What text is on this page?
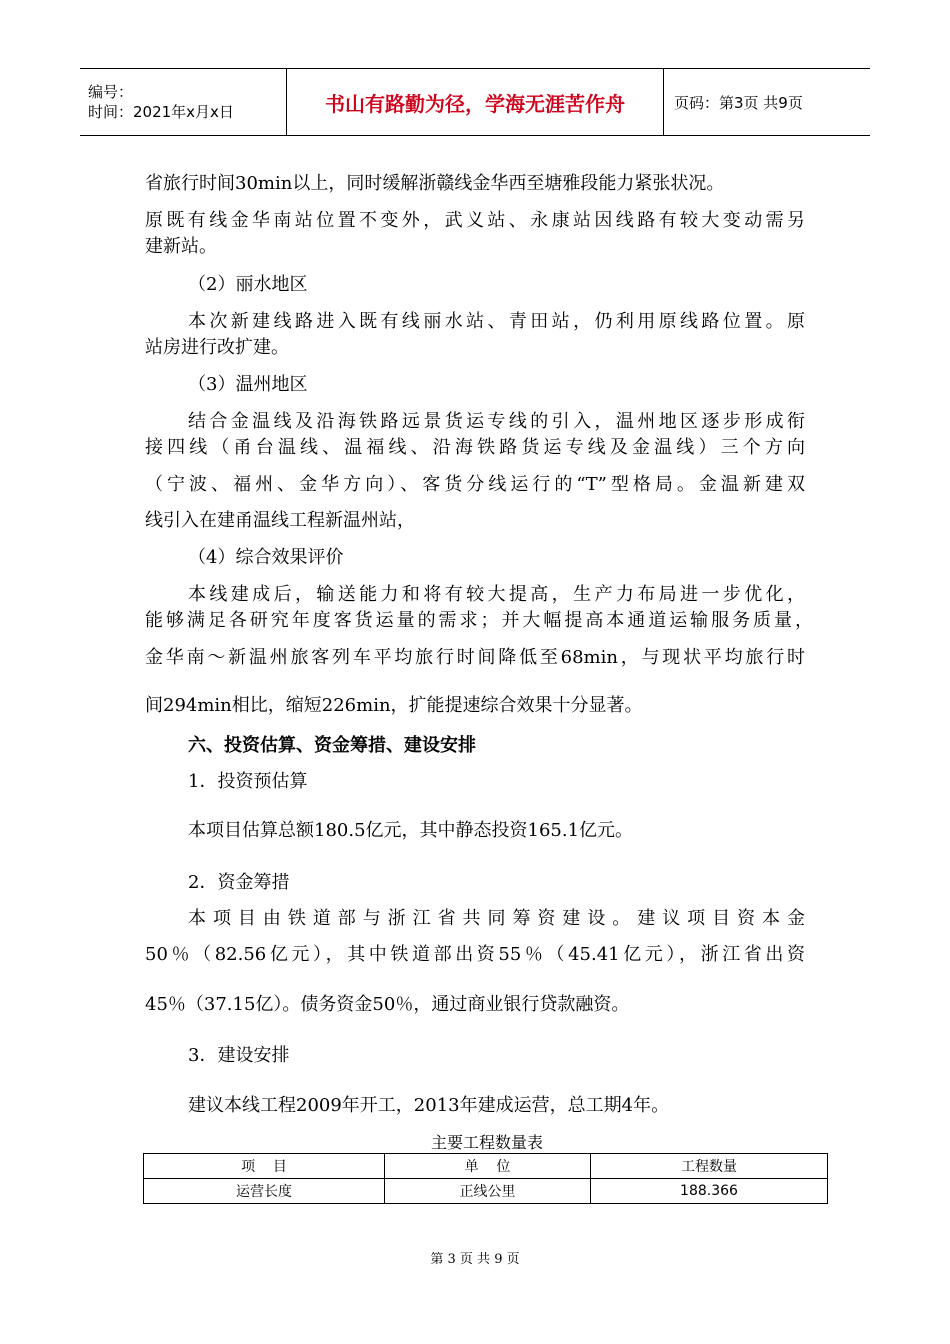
编号：
时间：2021年x月x日	书山有路勤为径，学海无涯苦作舟	页码：第3页 共9页
省旅行时间30min以上，同时缓解浙赣线金华西至塘雅段能力紧张状况。
原既有线金华南站位置不变外，武义站、永康站因线路有较大变动需另
建新站。
（2）丽水地区
本次新建线路进入既有线丽水站、青田站，仍利用原线路位置。原
站房进行改扩建。
（3）温州地区
结合金温线及沿海铁路远景货运专线的引入，温州地区逐步形成衔
接四线（甬台温线、温福线、沿海铁路货运专线及金温线）三个方向
（宁波、福州、金华方向）、客货分线运行的“T”型格局。金温新建双
线引入在建甬温线工程新温州站，
（4）综合效果评价
本线建成后，输送能力和将有较大提高，生产力布局进一步优化，
能够满足各研究年度客货运量的需求；并大幅提高本通道运输服务质量，
金华南～新温州旅客列车平均旅行时间降低至68min，与现状平均旅行时
间294min相比，缩短226min，扩能提速综合效果十分显著。
六、投资估算、资金筹措、建设安排
1．投资预估算
本项目估算总额180.5亿元，其中静态投资165.1亿元。
2．资金筹措
本项目由铁道部与浙江省共同筹资建设。建议项目资本金
50％（82.56亿元），其中铁道部出资55％（45.41亿元），浙江省出资
45％（37.15亿）。债务资金50％，通过商业银行贷款融资。
3．建设安排
建议本线工程2009年开工，2013年建成运营，总工期4年。
主要工程数量表
项    目	单    位	工程数量
运营长度	正线公里	188.366
第 3 页 共 9 页
